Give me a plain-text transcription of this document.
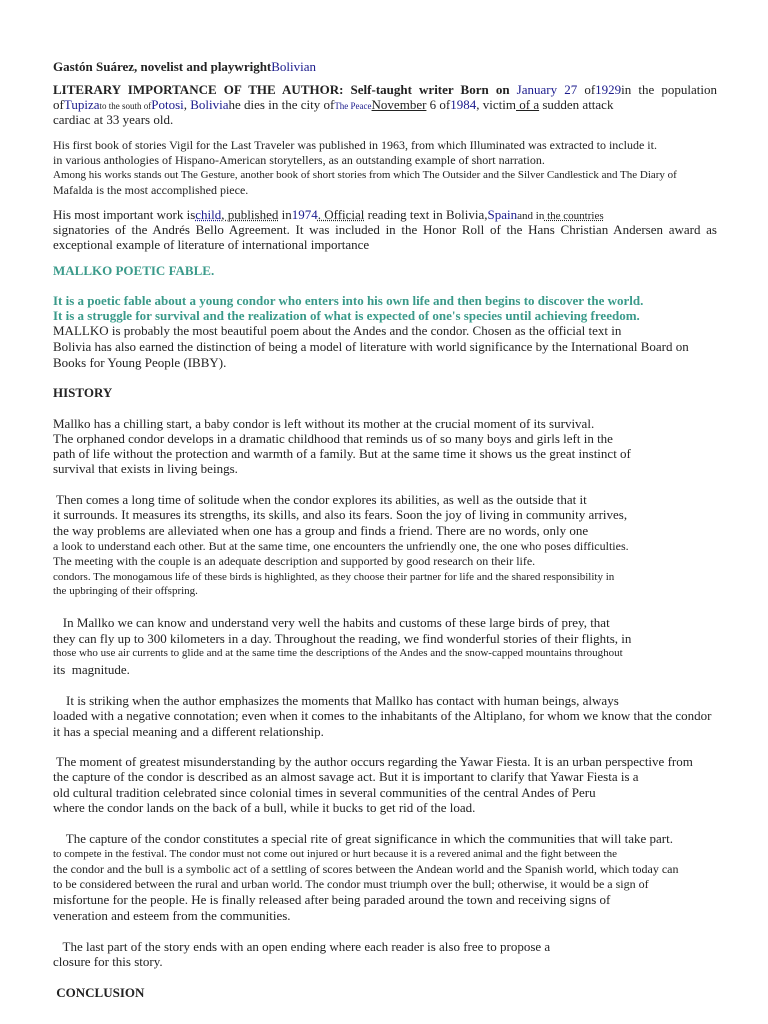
Gastón Suárez, novelist and playwrightBolivian
LITERARY IMPORTANCE OF THE AUTHOR: Self-taught writer Born on January 27 of1929in the population
ofTupizato the south ofPotosi, Boliviahe dies in the city ofThe PeaceNovember 6 of1984, victim of a sudden attack
cardiac at 33 years old.
His first book of stories Vigil for the Last Traveler was published in 1963, from which Illuminated was extracted to include it.
in various anthologies of Hispano-American storytellers, as an outstanding example of short narration.
Among his works stands out The Gesture, another book of short stories from which The Outsider and the Silver Candlestick and The Diary of
Mafalda is the most accomplished piece.
His most important work ischild, published in1974. Official reading text in Bolivia,Spainand in the countries
signatories of the Andrés Bello Agreement. It was included in the Honor Roll of the Hans Christian Andersen award as
exceptional example of literature of international importance
MALLKO POETIC FABLE.
It is a poetic fable about a young condor who enters into his own life and then begins to discover the world.
It is a struggle for survival and the realization of what is expected of one's species until achieving freedom.
MALLKO is probably the most beautiful poem about the Andes and the condor. Chosen as the official text in
Bolivia has also earned the distinction of being a model of literature with world significance by the International Board on
Books for Young People (IBBY).
HISTORY
Mallko has a chilling start, a baby condor is left without its mother at the crucial moment of its survival.
The orphaned condor develops in a dramatic childhood that reminds us of so many boys and girls left in the
path of life without the protection and warmth of a family. But at the same time it shows us the great instinct of
survival that exists in living beings.
Then comes a long time of solitude when the condor explores its abilities, as well as the outside that it
it surrounds. It measures its strengths, its skills, and also its fears. Soon the joy of living in community arrives,
the way problems are alleviated when one has a group and finds a friend. There are no words, only one
a look to understand each other. But at the same time, one encounters the unfriendly one, the one who poses difficulties.
The meeting with the couple is an adequate description and supported by good research on their life.
condors. The monogamous life of these birds is highlighted, as they choose their partner for life and the shared responsibility in
the upbringing of their offspring.
In Mallko we can know and understand very well the habits and customs of these large birds of prey, that
they can fly up to 300 kilometers in a day. Throughout the reading, we find wonderful stories of their flights, in
those who use air currents to glide and at the same time the descriptions of the Andes and the snow-capped mountains throughout
its  magnitude.
It is striking when the author emphasizes the moments that Mallko has contact with human beings, always
loaded with a negative connotation; even when it comes to the inhabitants of the Altiplano, for whom we know that the condor
it has a special meaning and a different relationship.
The moment of greatest misunderstanding by the author occurs regarding the Yawar Fiesta. It is an urban perspective from
the capture of the condor is described as an almost savage act. But it is important to clarify that Yawar Fiesta is a
old cultural tradition celebrated since colonial times in several communities of the central Andes of Peru
where the condor lands on the back of a bull, while it bucks to get rid of the load.
The capture of the condor constitutes a special rite of great significance in which the communities that will take part.
to compete in the festival. The condor must not come out injured or hurt because it is a revered animal and the fight between the
the condor and the bull is a symbolic act of a settling of scores between the Andean world and the Spanish world, which today can
to be considered between the rural and urban world. The condor must triumph over the bull; otherwise, it would be a sign of
misfortune for the people. He is finally released after being paraded around the town and receiving signs of
veneration and esteem from the communities.
The last part of the story ends with an open ending where each reader is also free to propose a
closure for this story.
CONCLUSION
